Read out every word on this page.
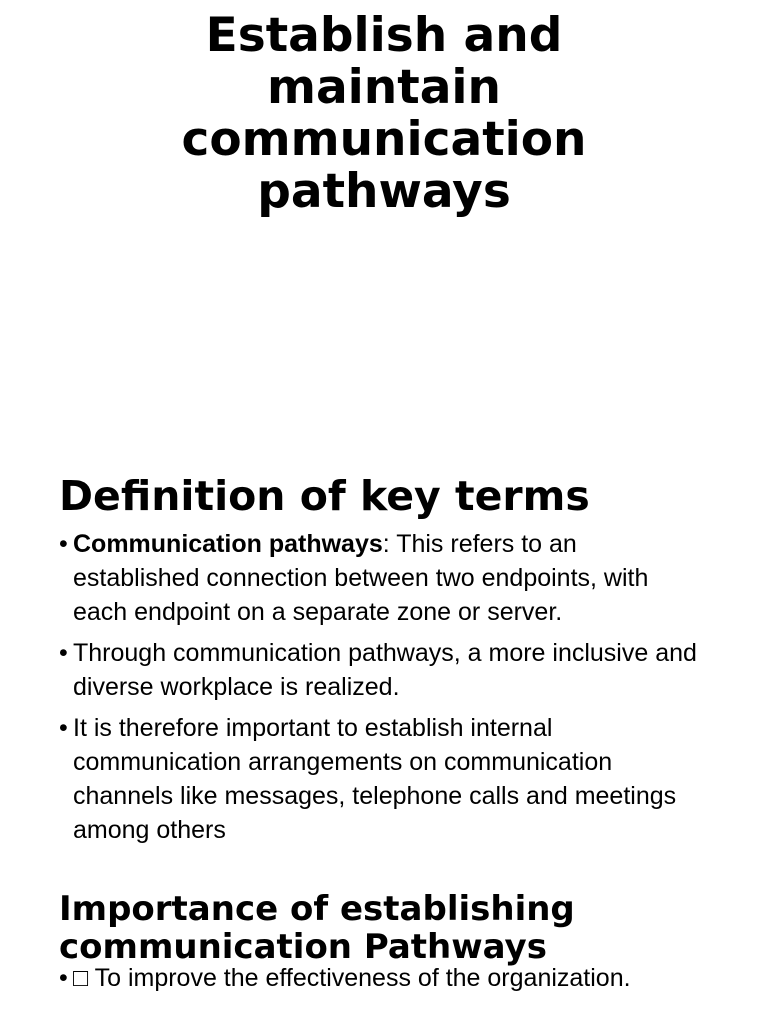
Establish and maintain communication pathways
Definition of key terms
• Communication pathways: This refers to an established connection between two endpoints, with each endpoint on a separate zone or server.
• Through communication pathways, a more inclusive and diverse workplace is realized.
• It is therefore important to establish internal communication arrangements on communication channels like messages, telephone calls and meetings among others
Importance of establishing communication Pathways
• □ To improve the effectiveness of the organization.
